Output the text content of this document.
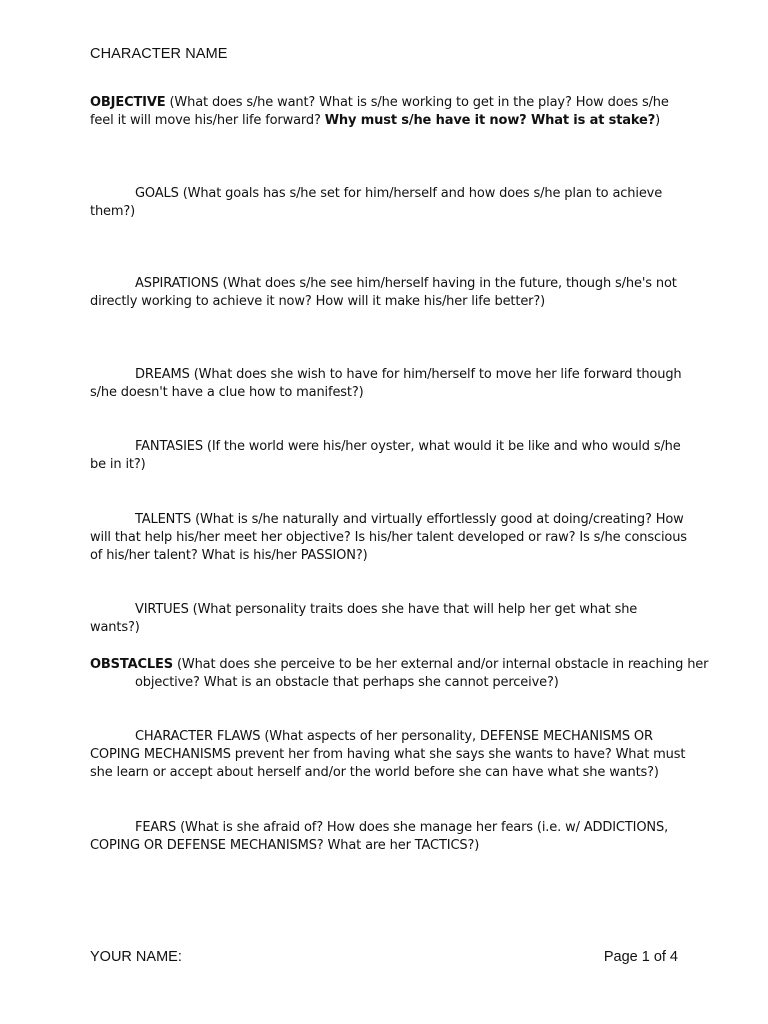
CHARACTER NAME
OBJECTIVE (What does s/he want? What is s/he working to get in the play? How does s/he feel it will move his/her life forward? Why must s/he have it now? What is at stake?)
GOALS (What goals has s/he set for him/herself and how does s/he plan to achieve them?)
ASPIRATIONS (What does s/he see him/herself having in the future, though s/he's not directly working to achieve it now? How will it make his/her life better?)
DREAMS (What does she wish to have for him/herself to move her life forward though s/he doesn't have a clue how to manifest?)
FANTASIES (If the world were his/her oyster, what would it be like and who would s/he be in it?)
TALENTS (What is s/he naturally and virtually effortlessly good at doing/creating? How will that help his/her meet her objective? Is his/her talent developed or raw? Is s/he conscious of his/her talent? What is his/her PASSION?)
VIRTUES (What personality traits does she have that will help her get what she wants?)
OBSTACLES (What does she perceive to be her external and/or internal obstacle in reaching her objective? What is an obstacle that perhaps she cannot perceive?)
CHARACTER FLAWS (What aspects of her personality, DEFENSE MECHANISMS OR COPING MECHANISMS prevent her from having what she says she wants to have? What must she learn or accept about herself and/or the world before she can have what she wants?)
FEARS (What is she afraid of? How does she manage her fears (i.e. w/ ADDICTIONS, COPING OR DEFENSE MECHANISMS? What are her TACTICS?)
YOUR NAME:	Page 1 of 4
